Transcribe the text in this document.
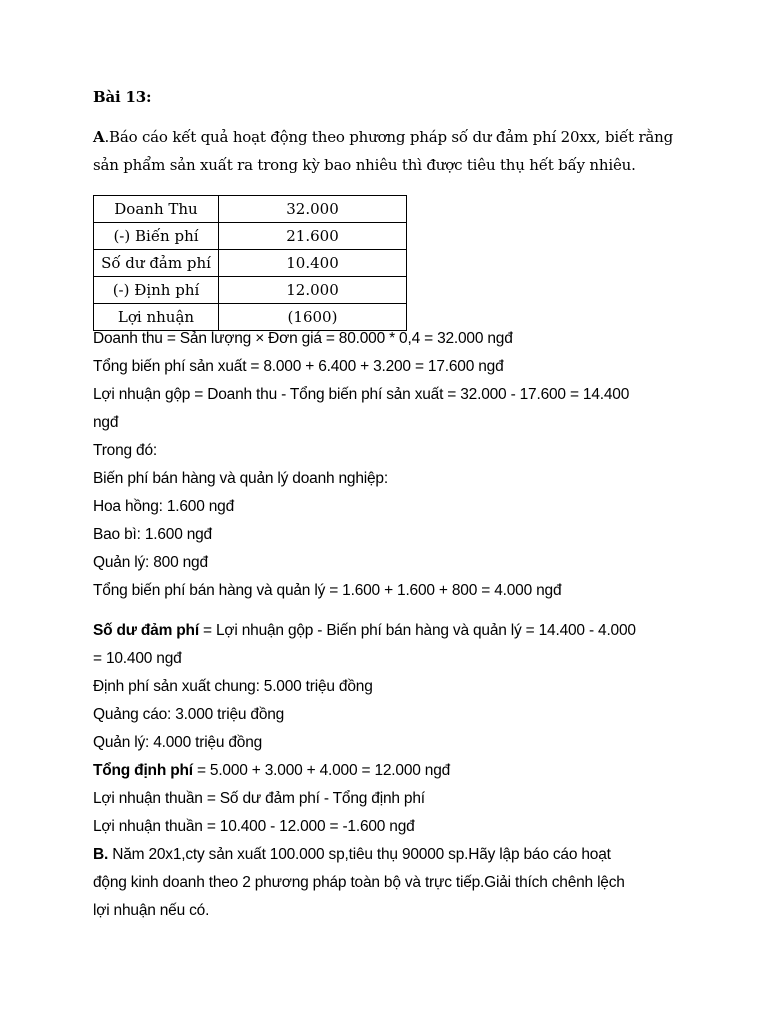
Bài 13:
A.Báo cáo kết quả hoạt động theo phương pháp số dư đảm phí 20xx, biết rằng
sản phẩm sản xuất ra trong kỳ bao nhiêu thì được tiêu thụ hết bấy nhiêu.
Doanh Thu	32.000
(-) Biến phí	21.600
Số dư đảm phí	10.400
(-) Định phí	12.000
Lợi nhuận	(1600)
Doanh thu = Sản lượng × Đơn giá = 80.000 * 0,4 = 32.000 ngđ
Tổng biến phí sản xuất = 8.000 + 6.400 + 3.200 = 17.600 ngđ
Lợi nhuận gộp = Doanh thu - Tổng biến phí sản xuất = 32.000 - 17.600 = 14.400
ngđ
Trong đó:
Biến phí bán hàng và quản lý doanh nghiệp:
Hoa hồng: 1.600 ngđ
Bao bì: 1.600 ngđ
Quản lý: 800 ngđ
Tổng biến phí bán hàng và quản lý = 1.600 + 1.600 + 800 = 4.000 ngđ
Số dư đảm phí = Lợi nhuận gộp - Biến phí bán hàng và quản lý = 14.400 - 4.000
= 10.400 ngđ
Định phí sản xuất chung: 5.000 triệu đồng
Quảng cáo: 3.000 triệu đồng
Quản lý: 4.000 triệu đồng
Tổng định phí = 5.000 + 3.000 + 4.000 = 12.000 ngđ
Lợi nhuận thuần = Số dư đảm phí - Tổng định phí
Lợi nhuận thuần = 10.400 - 12.000 = -1.600 ngđ
B. Năm 20x1,cty sản xuất 100.000 sp,tiêu thụ 90000 sp.Hãy lập báo cáo hoạt
động kinh doanh theo 2 phương pháp toàn bộ và trực tiếp.Giải thích chênh lệch
lợi nhuận nếu có.
